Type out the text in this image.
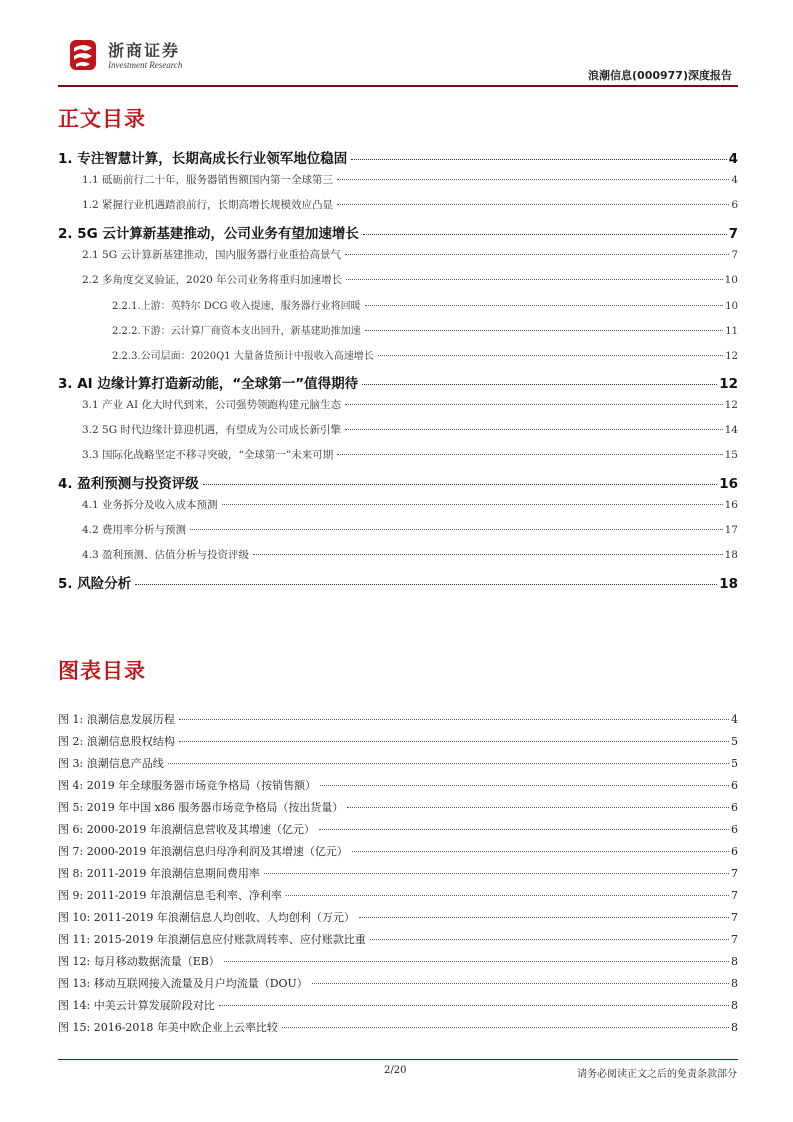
浙商证券
Investment Research
浪潮信息(000977)深度报告
正文目录
1. 专注智慧计算，长期高成长行业领军地位稳固	4
1.1 砥砺前行二十年，服务器销售额国内第一全球第三	4
1.2 紧握行业机遇踏浪前行，长期高增长规模效应凸显	6
2. 5G 云计算新基建推动，公司业务有望加速增长	7
2.1 5G 云计算新基建推动，国内服务器行业重拾高景气	7
2.2 多角度交叉验证，2020 年公司业务将重归加速增长	10
2.2.1.上游：英特尔 DCG 收入提速，服务器行业将回暖	10
2.2.2.下游：云计算厂商资本支出回升，新基建助推加速	11
2.2.3.公司层面：2020Q1 大量备货预计中报收入高速增长	12
3. AI 边缘计算打造新动能，“全球第一”值得期待	12
3.1 产业 AI 化大时代到来，公司强势领跑构建元脑生态	12
3.2 5G 时代边缘计算迎机遇，有望成为公司成长新引擎	14
3.3 国际化战略坚定不移寻突破，“全球第一”未来可期	15
4. 盈利预测与投资评级	16
4.1 业务拆分及收入成本预测	16
4.2 费用率分析与预测	17
4.3 盈利预测、估值分析与投资评级	18
5. 风险分析	18
图表目录
图 1: 浪潮信息发展历程	4
图 2: 浪潮信息股权结构	5
图 3: 浪潮信息产品线	5
图 4: 2019 年全球服务器市场竞争格局（按销售额）	6
图 5: 2019 年中国 x86 服务器市场竞争格局（按出货量）	6
图 6: 2000-2019 年浪潮信息营收及其增速（亿元）	6
图 7: 2000-2019 年浪潮信息归母净利润及其增速（亿元）	6
图 8: 2011-2019 年浪潮信息期间费用率	7
图 9: 2011-2019 年浪潮信息毛利率、净利率	7
图 10: 2011-2019 年浪潮信息人均创收、人均创利（万元）	7
图 11: 2015-2019 年浪潮信息应付账款周转率、应付账款比重	7
图 12: 每月移动数据流量（EB）	8
图 13: 移动互联网接入流量及月户均流量（DOU）	8
图 14: 中美云计算发展阶段对比	8
图 15: 2016-2018 年美中欧企业上云率比较	8
2/20	请务必阅读正文之后的免责条款部分
